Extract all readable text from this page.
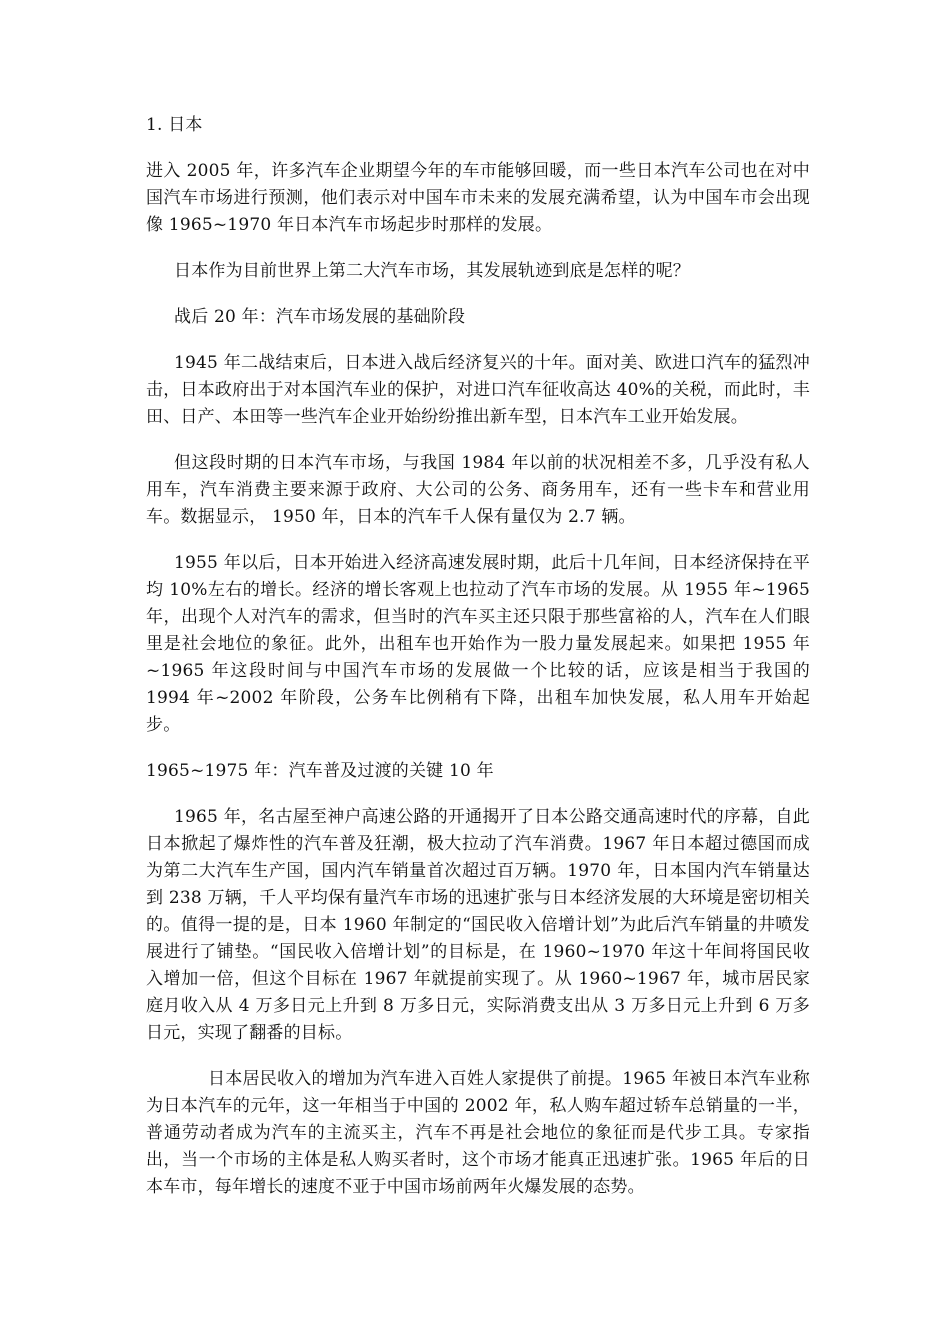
1. 日本

进入 2005 年，许多汽车企业期望今年的车市能够回暖，而一些日本汽车公司也在对中国汽车市场进行预测，他们表示对中国车市未来的发展充满希望，认为中国车市会出现像 1965~1970 年日本汽车市场起步时那样的发展。

日本作为目前世界上第二大汽车市场，其发展轨迹到底是怎样的呢？

战后 20 年：汽车市场发展的基础阶段

1945 年二战结束后，日本进入战后经济复兴的十年。面对美、欧进口汽车的猛烈冲击，日本政府出于对本国汽车业的保护，对进口汽车征收高达 40%的关税，而此时，丰田、日产、本田等一些汽车企业开始纷纷推出新车型，日本汽车工业开始发展。

但这段时期的日本汽车市场，与我国 1984 年以前的状况相差不多，几乎没有私人用车，汽车消费主要来源于政府、大公司的公务、商务用车，还有一些卡车和营业用车。数据显示， 1950 年，日本的汽车千人保有量仅为 2.7 辆。

1955 年以后，日本开始进入经济高速发展时期，此后十几年间，日本经济保持在平均 10%左右的增长。经济的增长客观上也拉动了汽车市场的发展。从 1955 年~1965 年，出现个人对汽车的需求，但当时的汽车买主还只限于那些富裕的人，汽车在人们眼里是社会地位的象征。此外，出租车也开始作为一股力量发展起来。如果把 1955 年~1965 年这段时间与中国汽车市场的发展做一个比较的话，应该是相当于我国的 1994 年~2002 年阶段，公务车比例稍有下降，出租车加快发展，私人用车开始起步。

1965~1975 年：汽车普及过渡的关键 10 年

1965 年，名古屋至神户高速公路的开通揭开了日本公路交通高速时代的序幕，自此日本掀起了爆炸性的汽车普及狂潮，极大拉动了汽车消费。1967 年日本超过德国而成为第二大汽车生产国，国内汽车销量首次超过百万辆。1970 年，日本国内汽车销量达到 238 万辆，千人平均保有量汽车市场的迅速扩张与日本经济发展的大环境是密切相关的。值得一提的是，日本 1960 年制定的“国民收入倍增计划”为此后汽车销量的井喷发展进行了铺垫。“国民收入倍增计划”的目标是，在 1960~1970 年这十年间将国民收入增加一倍，但这个目标在 1967 年就提前实现了。从 1960~1967 年，城市居民家庭月收入从 4 万多日元上升到 8 万多日元，实际消费支出从 3 万多日元上升到 6 万多日元，实现了翻番的目标。

日本居民收入的增加为汽车进入百姓人家提供了前提。1965 年被日本汽车业称为日本汽车的元年，这一年相当于中国的 2002 年，私人购车超过轿车总销量的一半，普通劳动者成为汽车的主流买主，汽车不再是社会地位的象征而是代步工具。专家指出，当一个市场的主体是私人购买者时，这个市场才能真正迅速扩张。1965 年后的日本车市，每年增长的速度不亚于中国市场前两年火爆发展的态势。
